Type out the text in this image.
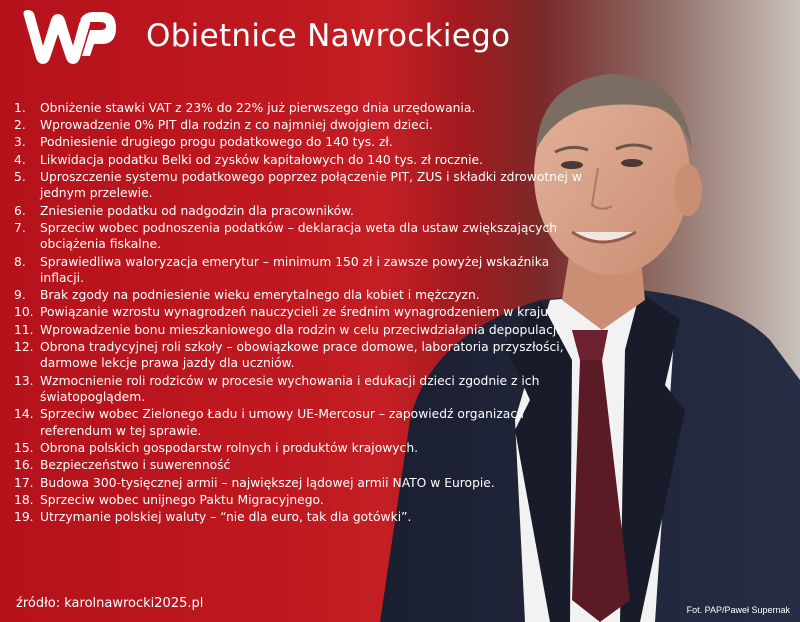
Obietnice Nawrockiego
1.	Obniżenie stawki VAT z 23% do 22% już pierwszego dnia urzędowania.
2.	Wprowadzenie 0% PIT dla rodzin z co najmniej dwojgiem dzieci.
3.	Podniesienie drugiego progu podatkowego do 140 tys. zł.
4.	Likwidacja podatku Belki od zysków kapitałowych do 140 tys. zł rocznie.
5.	Uproszczenie systemu podatkowego poprzez połączenie PIT, ZUS i składki zdrowotnej w jednym przelewie.
6.	Zniesienie podatku od nadgodzin dla pracowników.
7.	Sprzeciw wobec podnoszenia podatków – deklaracja weta dla ustaw zwiększających obciążenia fiskalne.
8.	Sprawiedliwa waloryzacja emerytur – minimum 150 zł i zawsze powyżej wskaźnika inflacji.
9.	Brak zgody na podniesienie wieku emerytalnego dla kobiet i mężczyzn.
10. Powiązanie wzrostu wynagrodzeń nauczycieli ze średnim wynagrodzeniem w kraju.
11. Wprowadzenie bonu mieszkaniowego dla rodzin w celu przeciwdziałania depopulacji.
12. Obrona tradycyjnej roli szkoły – obowiązkowe prace domowe, laboratoria przyszłości, darmowe lekcje prawa jazdy dla uczniów.
13. Wzmocnienie roli rodziców w procesie wychowania i edukacji dzieci zgodnie z ich światopoglądem.
14. Sprzeciw wobec Zielonego Ładu i umowy UE-Mercosur – zapowiedź organizacji referendum w tej sprawie.
15. Obrona polskich gospodarstw rolnych i produktów krajowych.
16. Bezpieczeństwo i suwerenność
17. Budowa 300-tysięcznej armii – największej lądowej armii NATO w Europie.
18. Sprzeciw wobec unijnego Paktu Migracyjnego.
19. Utrzymanie polskiej waluty – “nie dla euro, tak dla gotówki”.
źródło: karolnawrocki2025.pl	Fot. PAP/Paweł Supernak
